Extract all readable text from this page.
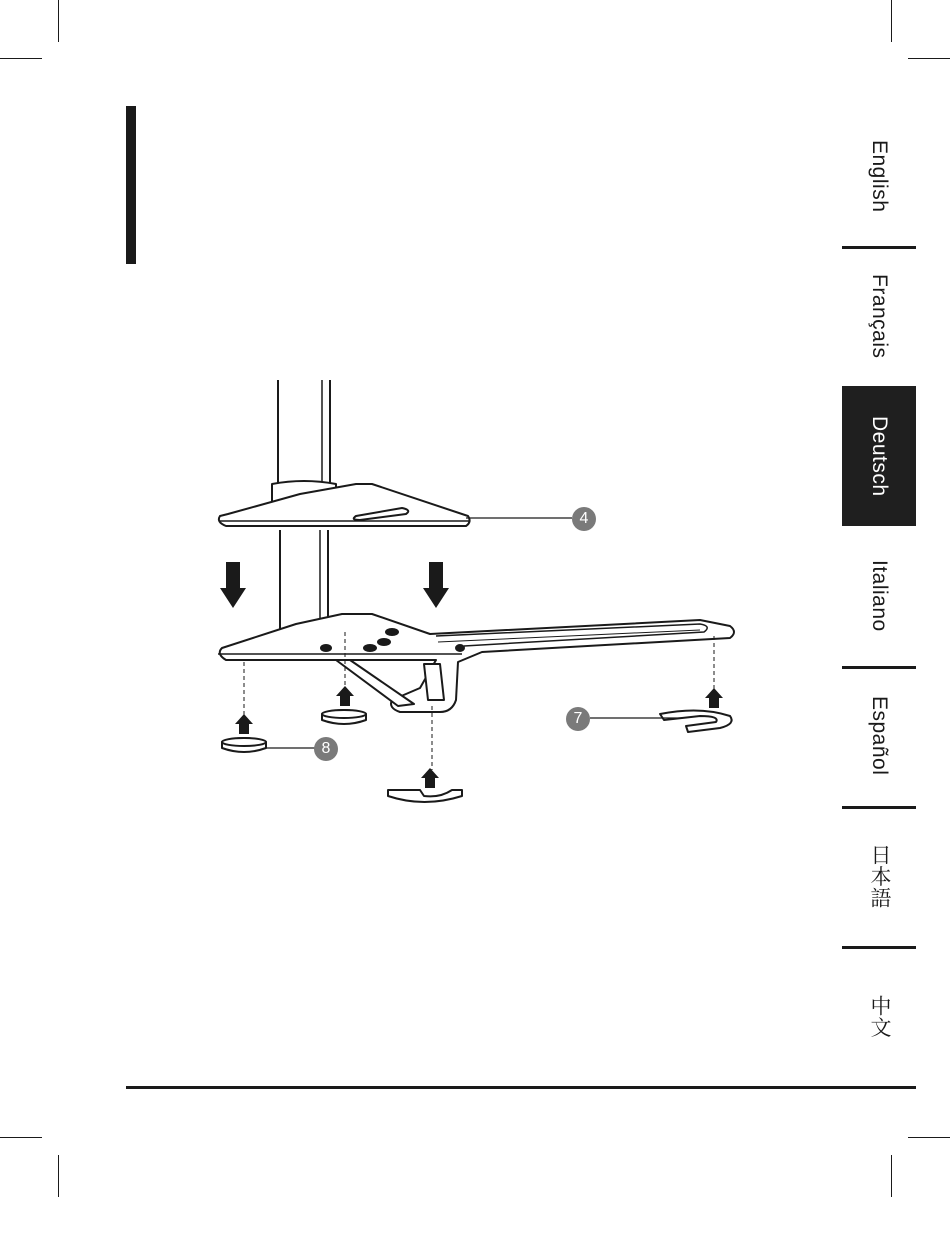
English
Français
Deutsch
Italiano
Español
日本語
中文
4
7
8
